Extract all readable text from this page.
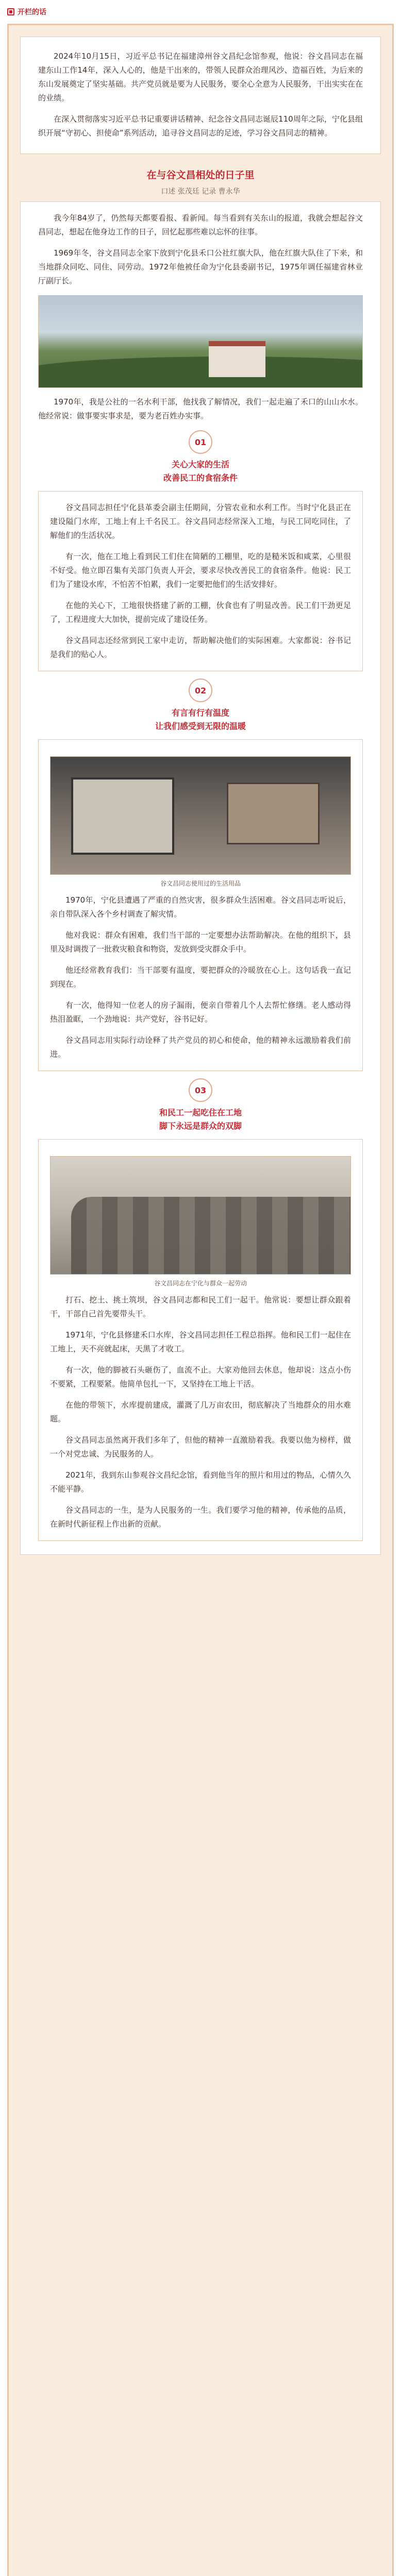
开栏的话

2024年10月15日，习近平总书记在福建漳州谷文昌纪念馆参观，他说：谷文昌同志在福建东山工作14年，深入人心的，他是干出来的，带领人民群众治理风沙、造福百姓，为后来的东山发展奠定了坚实基础。共产党员就是要为人民服务，要全心全意为人民服务，干出实实在在的业绩。

在深入贯彻落实习近平总书记重要讲话精神、纪念谷文昌同志诞辰110周年之际，宁化县组织开展“守初心、担使命”系列活动，追寻谷文昌同志的足迹，学习谷文昌同志的精神。

在与谷文昌相处的日子里
口述 张茂廷 记录 曹永华

我今年84岁了，仍然每天都要看报、看新闻。每当看到有关东山的报道，我就会想起谷文昌同志，想起在他身边工作的日子，回忆起那些难以忘怀的往事。

1969年冬，谷文昌同志全家下放到宁化县禾口公社红旗大队，他在红旗大队住了下来，和当地群众同吃、同住、同劳动。1972年他被任命为宁化县委副书记，1975年调任福建省林业厅副厅长。

1970年，我是公社的一名水利干部，他找我了解情况，我们一起走遍了禾口的山山水水。他经常说：做事要实事求是，要为老百姓办实事。

01
关心大家的生活
改善民工的食宿条件

谷文昌同志担任宁化县革委会副主任期间，分管农业和水利工作。当时宁化县正在建设隘门水库，工地上有上千名民工。谷文昌同志经常深入工地，与民工同吃同住，了解他们的生活状况。

有一次，他在工地上看到民工们住在简陋的工棚里，吃的是糙米饭和咸菜，心里很不好受。他立即召集有关部门负责人开会，要求尽快改善民工的食宿条件。他说：民工们为了建设水库，不怕苦不怕累，我们一定要把他们的生活安排好。

在他的关心下，工地很快搭建了新的工棚，伙食也有了明显改善。民工们干劲更足了，工程进度大大加快，提前完成了建设任务。

谷文昌同志还经常到民工家中走访，帮助解决他们的实际困难。大家都说：谷书记是我们的贴心人。

02
有言有行有温度
让我们感受到无限的温暖
谷文昌同志使用过的生活用品

1970年，宁化县遭遇了严重的自然灾害，很多群众生活困难。谷文昌同志听说后，亲自带队深入各个乡村调查了解灾情。

他对我说：群众有困难，我们当干部的一定要想办法帮助解决。在他的组织下，县里及时调拨了一批救灾粮食和物资，发放到受灾群众手中。

他还经常教育我们：当干部要有温度，要把群众的冷暖放在心上。这句话我一直记到现在。

有一次，他得知一位老人的房子漏雨，便亲自带着几个人去帮忙修缮。老人感动得热泪盈眶，一个劲地说：共产党好，谷书记好。

谷文昌同志用实际行动诠释了共产党员的初心和使命，他的精神永远激励着我们前进。

03
和民工一起吃住在工地
脚下永远是群众的双脚
谷文昌同志在宁化与群众一起劳动

打石、挖土、挑土筑坝，谷文昌同志都和民工们一起干。他常说：要想让群众跟着干，干部自己首先要带头干。

1971年，宁化县修建禾口水库，谷文昌同志担任工程总指挥。他和民工们一起住在工地上，天不亮就起床，天黑了才收工。

有一次，他的脚被石头砸伤了，血流不止。大家劝他回去休息，他却说：这点小伤不要紧，工程要紧。他简单包扎一下，又坚持在工地上干活。

在他的带领下，水库提前建成，灌溉了几万亩农田，彻底解决了当地群众的用水难题。

谷文昌同志虽然离开我们多年了，但他的精神一直激励着我。我要以他为榜样，做一个对党忠诚、为民服务的人。

2021年，我到东山参观谷文昌纪念馆，看到他当年的照片和用过的物品，心情久久不能平静。

谷文昌同志的一生，是为人民服务的一生。我们要学习他的精神，传承他的品质，在新时代新征程上作出新的贡献。
